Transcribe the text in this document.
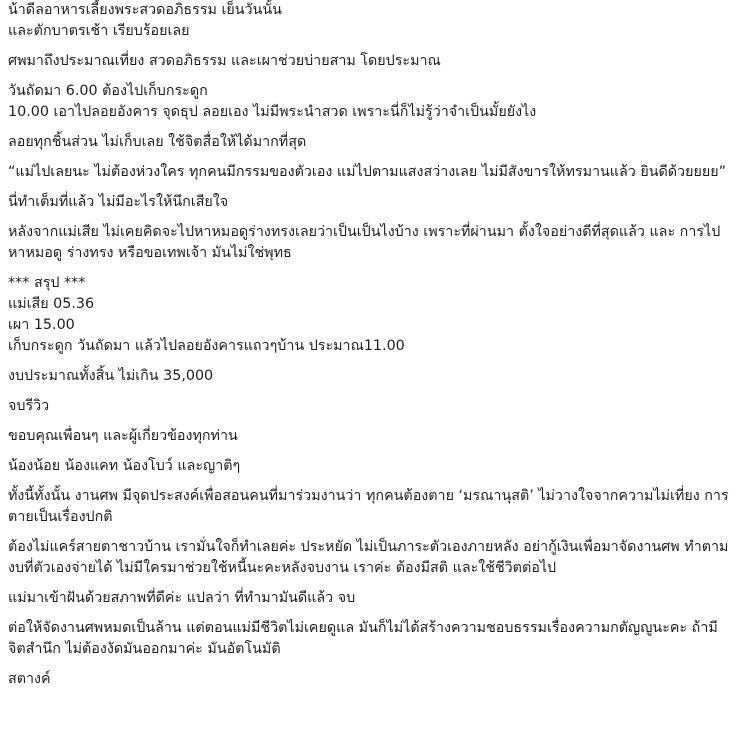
น้าดีลอาหารเลี้ยงพระสวดอภิธรรม เย็นวันนั้น
และตักบาตรเช้า เรียบร้อยเลย
ศพมาถึงประมาณเที่ยง สวดอภิธรรม และเผาช่วยบ่ายสาม โดยประมาณ
วันถัดมา 6.00 ต้องไปเก็บกระดูก
10.00 เอาไปลอยอังคาร จุดธุป ลอยเอง ไม่มีพระนำสวด เพราะนี่ก็ไม่รู้ว่าจำเป็นมั้ยยังไง
ลอยทุกชิ้นส่วน ไม่เก็บเลย ใช้จิตสื่อให้ได้มากที่สุด
“แม่ไปเลยนะ ไม่ต้องห่วงใคร ทุกคนมีกรรมของตัวเอง แม่ไปตามแสงสว่างเลย ไม่มีสังขารให้ทรมานแล้ว ยินดีด้วยยยย”
นี่ทำเต็มที่แล้ว ไม่มีอะไรให้นึกเสียใจ
หลังจากแม่เสีย ไม่เคยคิดจะไปหาหมอดูร่างทรงเลยว่าเป็นเป็นไงบ้าง เพราะที่ผ่านมา ตั้งใจอย่างดีที่สุดแล้ว และ การไปหาหมอดู ร่างทรง หรือขอเทพเจ้า มันไม่ใช่พุทธ
*** สรุป ***
แม่เสีย 05.36
เผา 15.00
เก็บกระดูก วันถัดมา แล้วไปลอยอังคารแถวๆบ้าน ประมาณ11.00
งบประมาณทั้งสิ้น ไม่เกิน 35,000
จบรีวิว
ขอบคุณเพื่อนๆ และผู้เกี่ยวข้องทุกท่าน
น้องน้อย น้องแคท น้องโบว์ และญาติๆ
ทั้งนี้ทั้งนั้น งานศพ มีจุดประสงค์เพื่อสอนคนที่มาร่วมงานว่า ทุกคนต้องตาย ‘มรณานุสติ’ ไม่วางใจจากความไม่เที่ยง การตายเป็นเรื่องปกติ
ต้องไม่แคร์สายตาชาวบ้าน เรามั่นใจก็ทำเลยค่ะ ประหยัด ไม่เป็นภาระตัวเองภายหลัง อย่ากู้เงินเพื่อมาจัดงานศพ ทำตามงบที่ตัวเองจ่ายได้ ไม่มีใครมาช่วยใช้หนี้นะคะหลังจบงาน เราค่ะ ต้องมีสติ และใช้ชีวิตต่อไป
แม่มาเข้าฝันด้วยสภาพที่ดีค่ะ แปลว่า ที่ทำมามันดีแล้ว จบ
ต่อให้จัดงานศพหมดเป็นล้าน แต่ตอนแม่มีชีวิตไม่เคยดูแล มันก็ไม่ได้สร้างความชอบธรรมเรื่องความกตัญญูนะคะ ถ้ามีจิตสำนึก ไม่ต้องงัดมันออกมาค่ะ มันอัตโนมัติ
สตางค์
